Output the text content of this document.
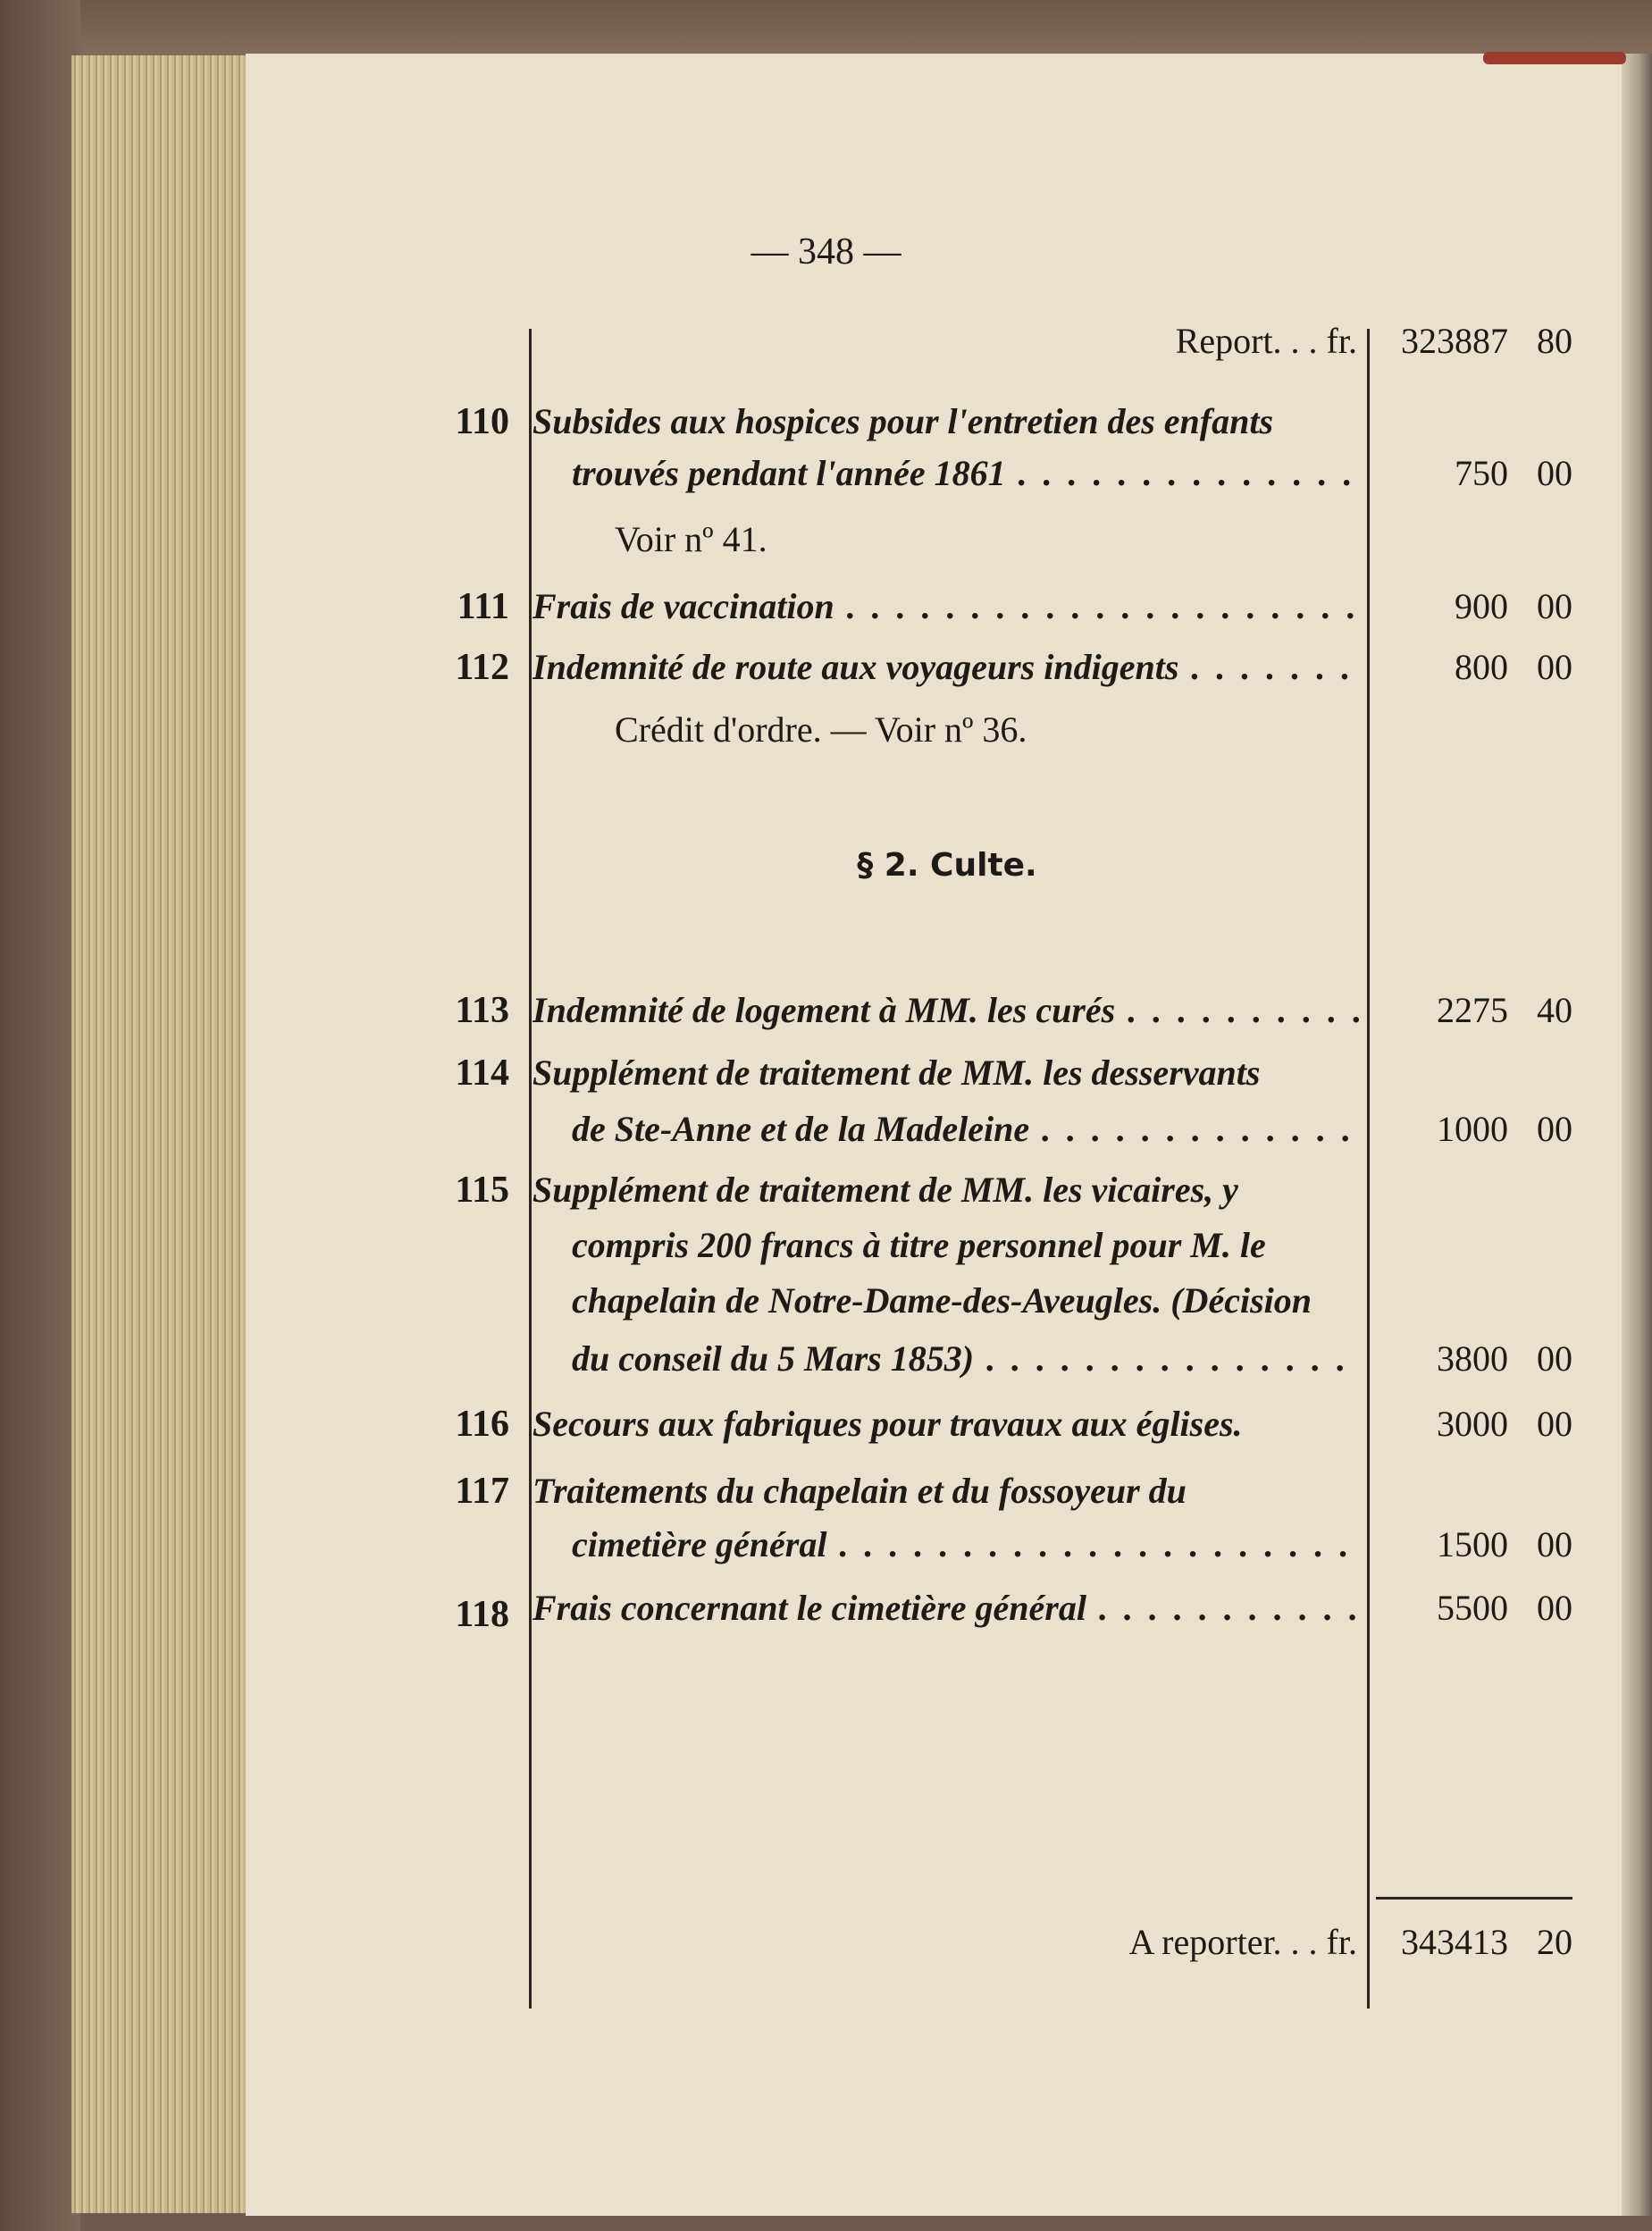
— 348 —
Report. . . fr.	323887 80
110 Subsides aux hospices pour l'entretien des enfants
trouvés pendant l'année 1861 . . .	750 00
Voir nº 41.
111 Frais de vaccination . . .	900 00
112 Indemnité de route aux voyageurs indigents . . .	800 00
Crédit d'ordre. — Voir nº 36.
§ 2. Culte.
113 Indemnité de logement à MM. les curés . . .	2275 40
114 Supplément de traitement de MM. les desservants
de Ste-Anne et de la Madeleine . . .	1000 00
115 Supplément de traitement de MM. les vicaires, y
compris 200 francs à titre personnel pour M. le
chapelain de Notre-Dame-des-Aveugles. (Décision
du conseil du 5 Mars 1853) . . .	3800 00
116 Secours aux fabriques pour travaux aux églises.	3000 00
117 Traitements du chapelain et du fossoyeur du
cimetière général . . .	1500 00
118 Frais concernant le cimetière général . . .	5500 00
A reporter. . . fr.	343413 20
